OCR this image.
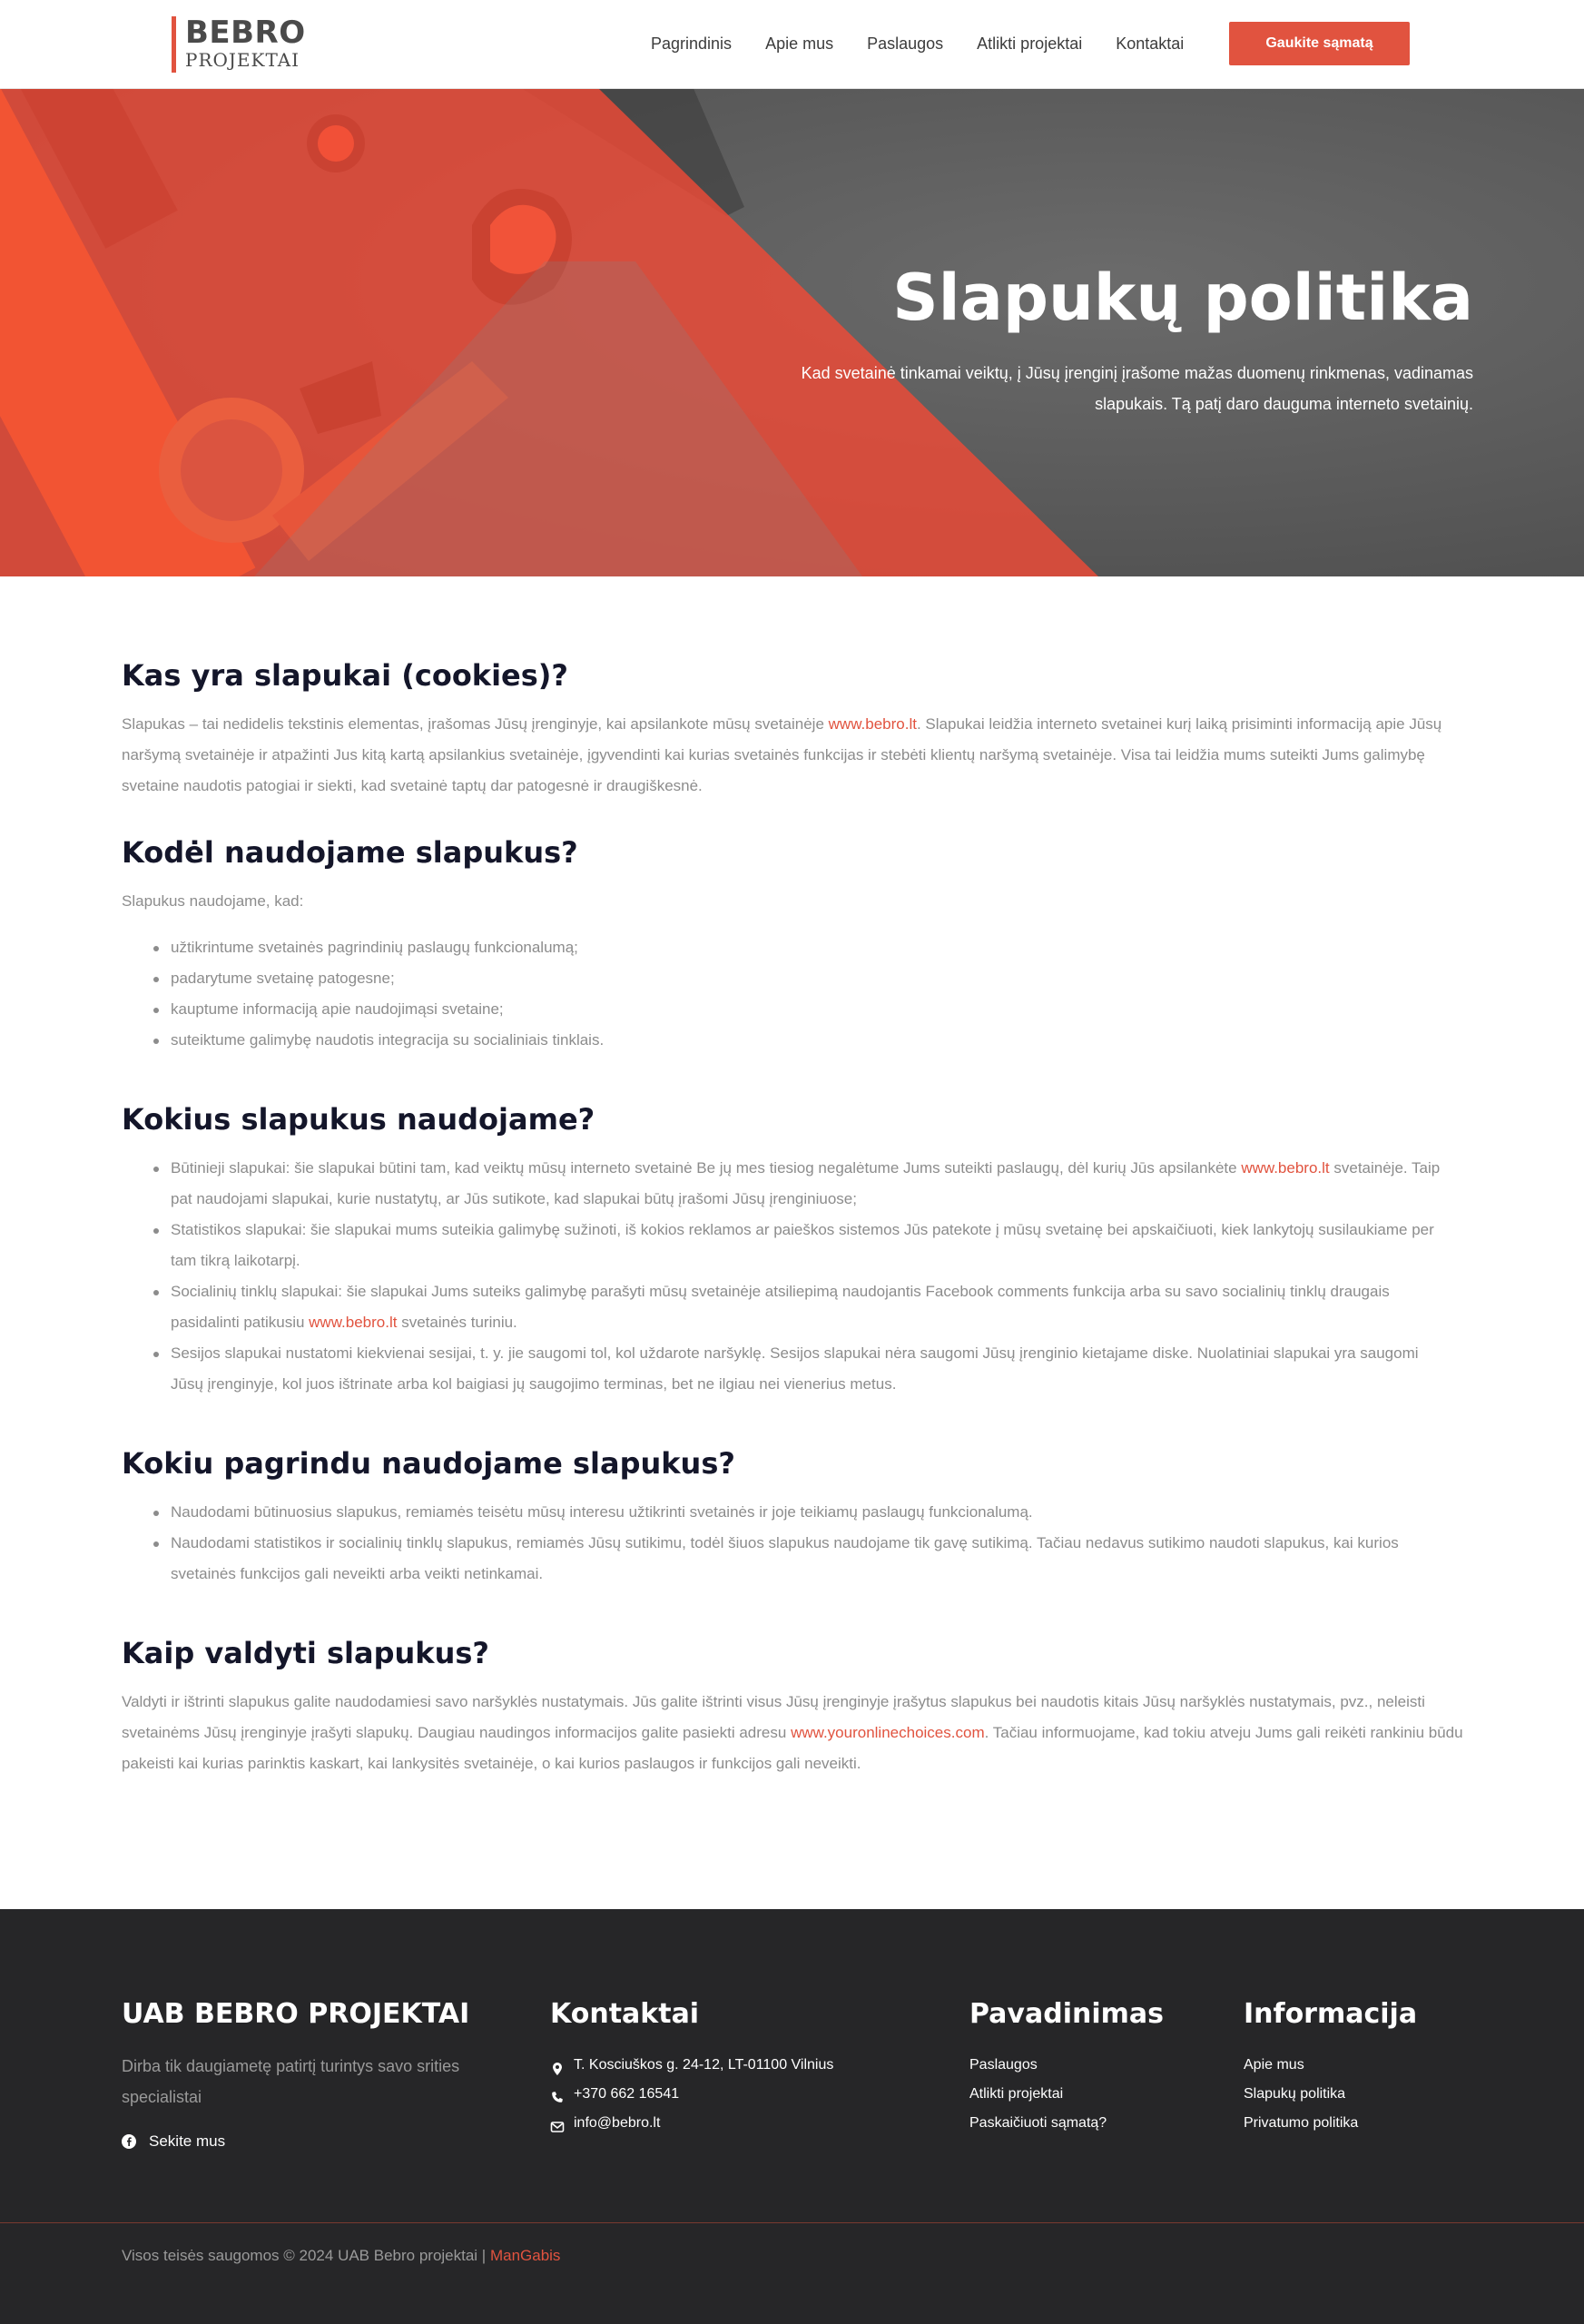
BEBRO
PROJEKTAI
Pagrindinis Apie mus Paslaugos Atlikti projektai Kontaktai	Gaukite sąmatą
Slapukų politika

Kad svetainė tinkamai veiktų, į Jūsų įrenginį įrašome mažas duomenų rinkmenas, vadinamas slapukais. Tą patį daro dauguma interneto svetainių.

Kas yra slapukai (cookies)?

Slapukas – tai nedidelis tekstinis elementas, įrašomas Jūsų įrenginyje, kai apsilankote mūsų svetainėje www.bebro.lt. Slapukai leidžia interneto svetainei kurį laiką prisiminti informaciją apie Jūsų naršymą svetainėje ir atpažinti Jus kitą kartą apsilankius svetainėje, įgyvendinti kai kurias svetainės funkcijas ir stebėti klientų naršymą svetainėje. Visa tai leidžia mums suteikti Jums galimybę svetaine naudotis patogiai ir siekti, kad svetainė taptų dar patogesnė ir draugiškesnė.

Kodėl naudojame slapukus?

Slapukus naudojame, kad:

užtikrintume svetainės pagrindinių paslaugų funkcionalumą;
padarytume svetainę patogesne;
kauptume informaciją apie naudojimąsi svetaine;
suteiktume galimybę naudotis integracija su socialiniais tinklais.
Kokius slapukus naudojame?
Būtinieji slapukai: šie slapukai būtini tam, kad veiktų mūsų interneto svetainė Be jų mes tiesiog negalėtume Jums suteikti paslaugų, dėl kurių Jūs apsilankėte www.bebro.lt svetainėje. Taip pat naudojami slapukai, kurie nustatytų, ar Jūs sutikote, kad slapukai būtų įrašomi Jūsų įrenginiuose;
Statistikos slapukai: šie slapukai mums suteikia galimybę sužinoti, iš kokios reklamos ar paieškos sistemos Jūs patekote į mūsų svetainę bei apskaičiuoti, kiek lankytojų susilaukiame per tam tikrą laikotarpį.
Socialinių tinklų slapukai: šie slapukai Jums suteiks galimybę parašyti mūsų svetainėje atsiliepimą naudojantis Facebook comments funkcija arba su savo socialinių tinklų draugais pasidalinti patikusiu www.bebro.lt svetainės turiniu.
Sesijos slapukai nustatomi kiekvienai sesijai, t. y. jie saugomi tol, kol uždarote naršyklę. Sesijos slapukai nėra saugomi Jūsų įrenginio kietajame diske. Nuolatiniai slapukai yra saugomi Jūsų įrenginyje, kol juos ištrinate arba kol baigiasi jų saugojimo terminas, bet ne ilgiau nei vienerius metus.
Kokiu pagrindu naudojame slapukus?
Naudodami būtinuosius slapukus, remiamės teisėtu mūsų interesu užtikrinti svetainės ir joje teikiamų paslaugų funkcionalumą.
Naudodami statistikos ir socialinių tinklų slapukus, remiamės Jūsų sutikimu, todėl šiuos slapukus naudojame tik gavę sutikimą. Tačiau nedavus sutikimo naudoti slapukus, kai kurios svetainės funkcijos gali neveikti arba veikti netinkamai.
Kaip valdyti slapukus?

Valdyti ir ištrinti slapukus galite naudodamiesi savo naršyklės nustatymais. Jūs galite ištrinti visus Jūsų įrenginyje įrašytus slapukus bei naudotis kitais Jūsų naršyklės nustatymais, pvz., neleisti svetainėms Jūsų įrenginyje įrašyti slapukų. Daugiau naudingos informacijos galite pasiekti adresu www.youronlinechoices.com. Tačiau informuojame, kad tokiu atveju Jums gali reikėti rankiniu būdu pakeisti kai kurias parinktis kaskart, kai lankysitės svetainėje, o kai kurios paslaugos ir funkcijos gali neveikti.

UAB BEBRO PROJEKTAI
Dirba tik daugiametę patirtį turintys savo srities specialistai
Sekite mus
Kontaktai
T. Kosciuškos g. 24-12, LT-01100 Vilnius
+370 662 16541
info@bebro.lt
Pavadinimas
Paslaugos
Atlikti projektai
Paskaičiuoti sąmatą?
Informacija
Apie mus
Slapukų politika
Privatumo politika
Visos teisės saugomos © 2024 UAB Bebro projektai | ManGabis
